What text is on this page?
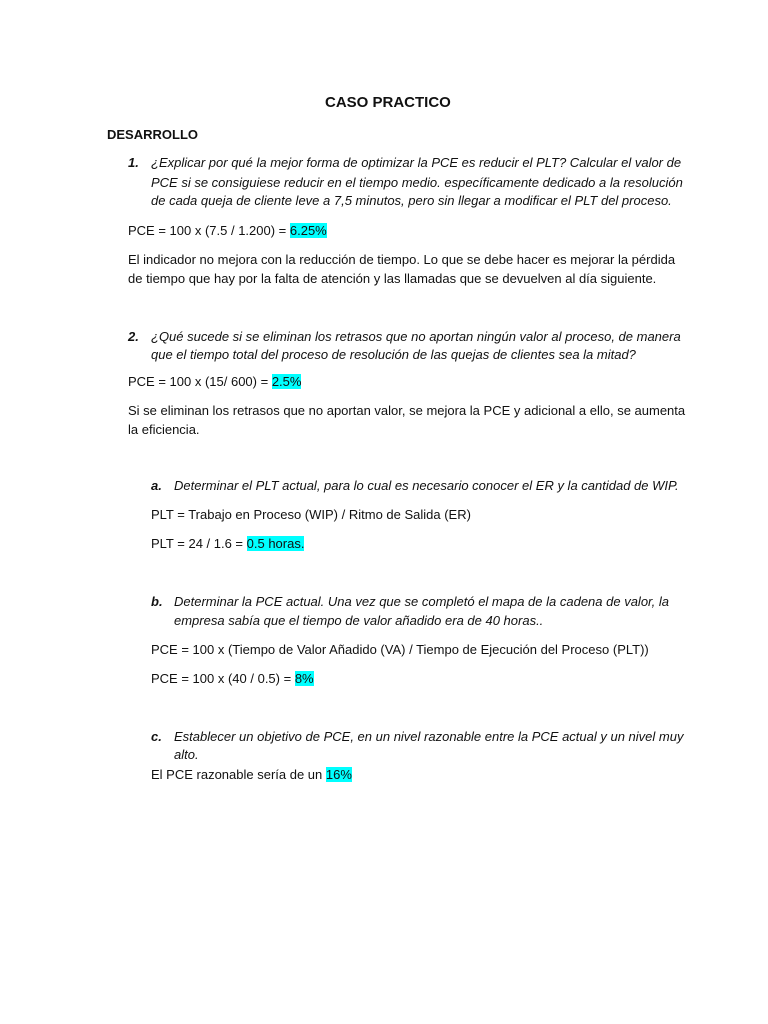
CASO PRACTICO
DESARROLLO
1. ¿Explicar por qué la mejor forma de optimizar la PCE es reducir el PLT? Calcular el valor de
PCE si se consiguiese reducir en el tiempo medio. específicamente dedicado a la resolución
de cada queja de cliente leve a 7,5 minutos, pero sin llegar a modificar el PLT del proceso.
PCE = 100 x (7.5 / 1.200) = 6.25%
El indicador no mejora con la reducción de tiempo. Lo que se debe hacer es mejorar la pérdida
de tiempo que hay por la falta de atención y las llamadas que se devuelven al día siguiente.
2. ¿Qué sucede si se eliminan los retrasos que no aportan ningún valor al proceso, de manera
que el tiempo total del proceso de resolución de las quejas de clientes sea la mitad?
PCE = 100 x (15/ 600) = 2.5%
Si se eliminan los retrasos que no aportan valor, se mejora la PCE y adicional a ello, se aumenta
la eficiencia.
a. Determinar el PLT actual, para lo cual es necesario conocer el ER y la cantidad de WIP.
PLT = Trabajo en Proceso (WIP) / Ritmo de Salida (ER)
PLT = 24 / 1.6 = 0.5 horas.
b. Determinar la PCE actual. Una vez que se completó el mapa de la cadena de valor, la
empresa sabía que el tiempo de valor añadido era de 40 horas..
PCE = 100 x (Tiempo de Valor Añadido (VA) / Tiempo de Ejecución del Proceso (PLT))
PCE = 100 x (40 / 0.5) = 8%
c. Establecer un objetivo de PCE, en un nivel razonable entre la PCE actual y un nivel muy
alto.
El PCE razonable sería de un 16%
